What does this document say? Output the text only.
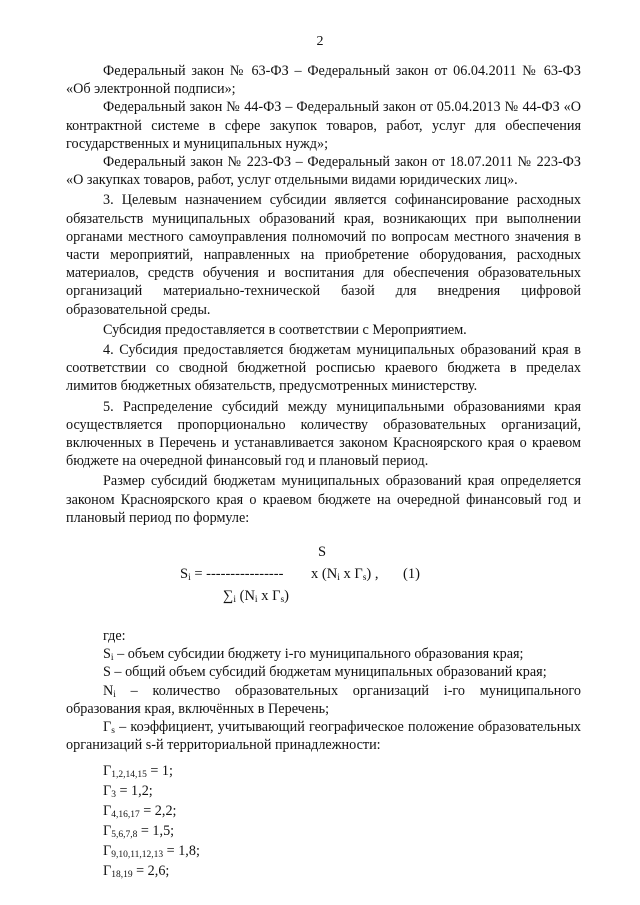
2

Федеральный закон № 63-ФЗ – Федеральный закон от 06.04.2011 № 63-ФЗ «Об электронной подписи»;

Федеральный закон № 44-ФЗ – Федеральный закон от 05.04.2013 № 44-ФЗ «О контрактной системе в сфере закупок товаров, работ, услуг для обеспечения государственных и муниципальных нужд»;

Федеральный закон № 223-ФЗ – Федеральный закон от 18.07.2011 № 223-ФЗ «О закупках товаров, работ, услуг отдельными видами юридических лиц».

3. Целевым назначением субсидии является софинансирование расходных обязательств муниципальных образований края, возникающих при выполнении органами местного самоуправления полномочий по вопросам местного значения в части мероприятий, направленных на приобретение оборудования, расходных материалов, средств обучения и воспитания для обеспечения образовательных организаций материально-технической базой для внедрения цифровой образовательной среды.

Субсидия предоставляется в соответствии с Мероприятием.

4. Субсидия предоставляется бюджетам муниципальных образований края в соответствии со сводной бюджетной росписью краевого бюджета в пределах лимитов бюджетных обязательств, предусмотренных министерству.

5. Распределение субсидий между муниципальными образованиями края осуществляется пропорционально количеству образовательных организаций, включенных в Перечень и устанавливается законом Красноярского края о краевом бюджете на очередной финансовый год и плановый период.

Размер субсидий бюджетам муниципальных образований края определяется законом Красноярского края о краевом бюджете на очередной финансовый год и плановый период по формуле:

S
$S_i$ = ---------------- x ($N_i$ x $Г_s$) , (1)
$\sum_i$ ($N_i$ x $Г_s$)

где:

$S_i$ – объем субсидии бюджету i-го муниципального образования края;

S – общий объем субсидий бюджетам муниципальных образований края;

$N_i$ – количество образовательных организаций i-го муниципального образования края, включённых в Перечень;

$Г_s$ – коэффициент, учитывающий географическое положение образовательных организаций s-й территориальной принадлежности:

$Г_{1,2,14,15} = 1$;

$Г_3 = 1,2$;

$Г_{4,16,17} = 2,2$;

$Г_{5,6,7,8} = 1,5$;

$Г_{9,10,11,12,13} = 1,8$;

$Г_{18,19} = 2,6$;
